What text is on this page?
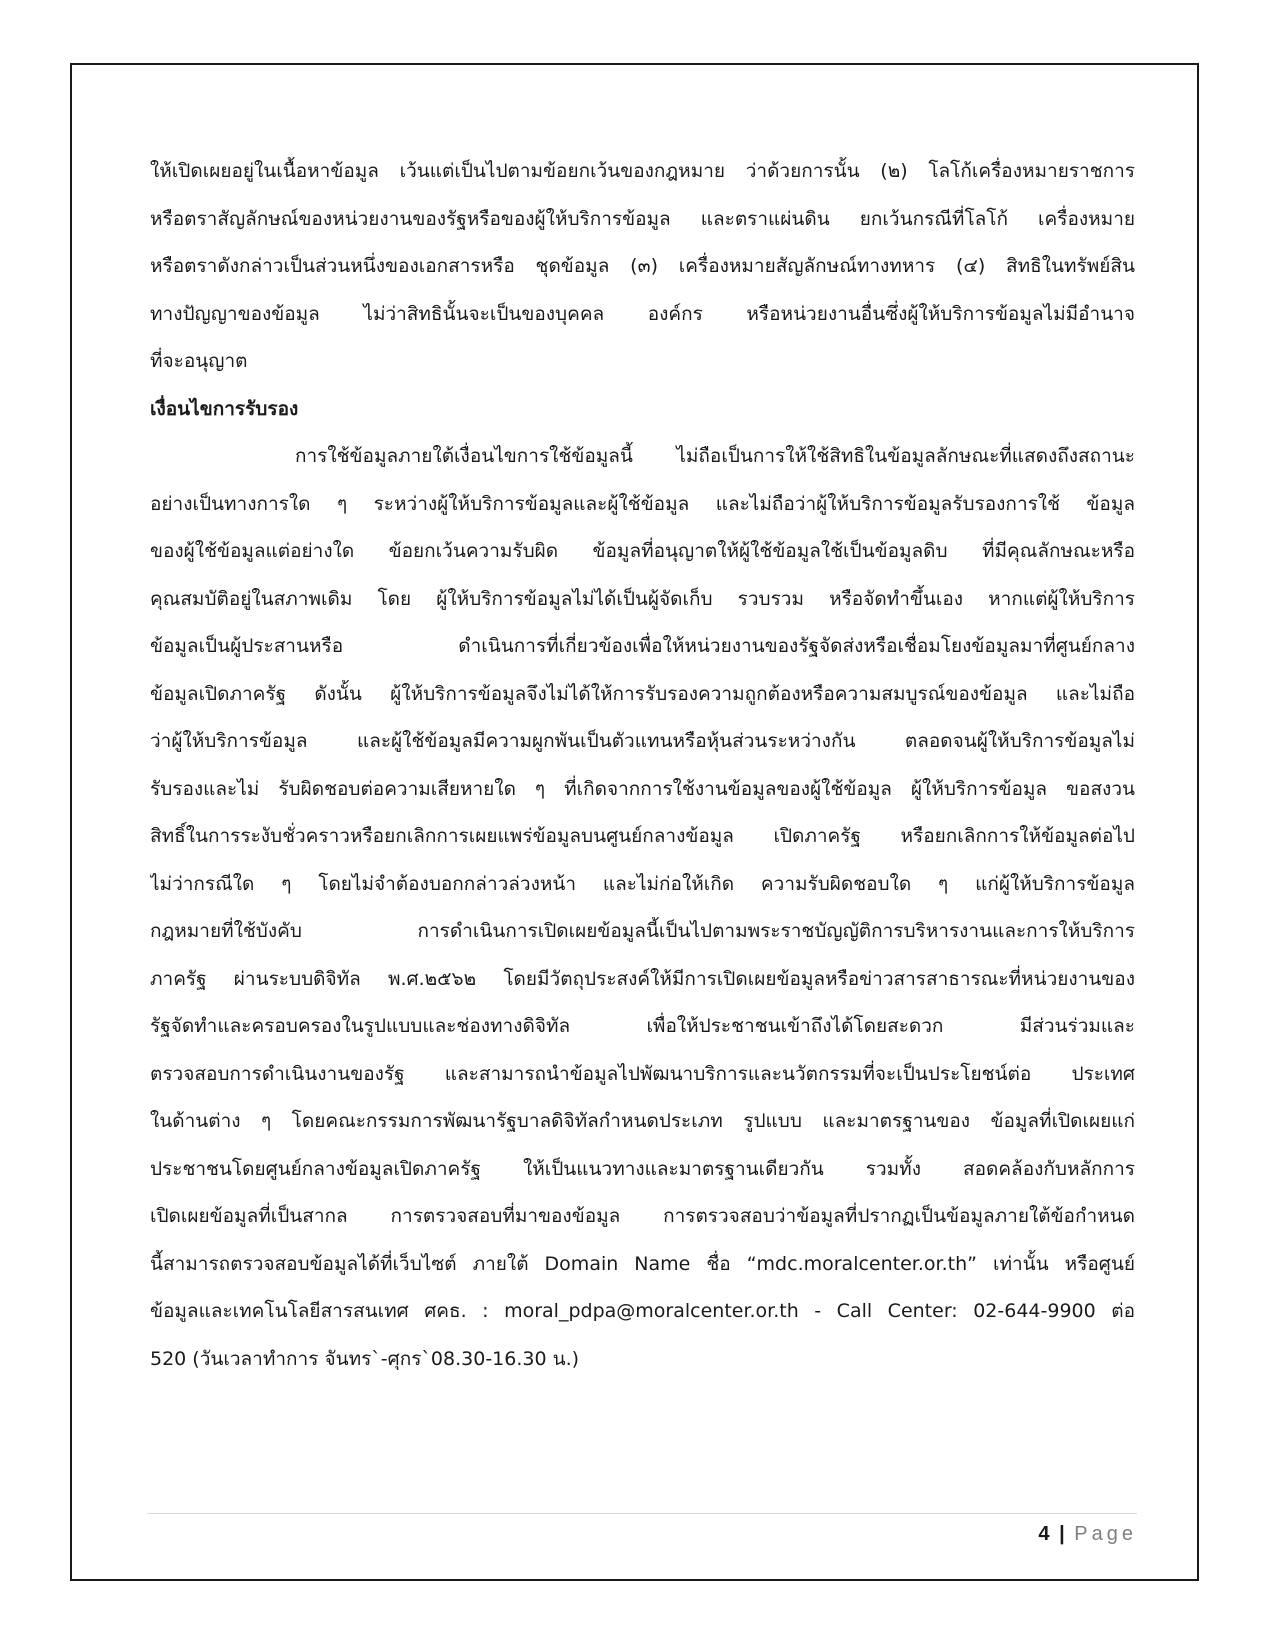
ให้เปิดเผยอยู่ในเนื้อหาข้อมูล เว้นแต่เป็นไปตามข้อยกเว้นของกฎหมาย ว่าด้วยการนั้น (๒) โลโก้เครื่องหมายราชการ
หรือตราสัญลักษณ์ของหน่วยงานของรัฐหรือของผู้ให้บริการข้อมูล และตราแผ่นดิน ยกเว้นกรณีที่โลโก้ เครื่องหมาย
หรือตราดังกล่าวเป็นส่วนหนึ่งของเอกสารหรือ ชุดข้อมูล (๓) เครื่องหมายสัญลักษณ์ทางทหาร (๔) สิทธิในทรัพย์สิน
ทางปัญญาของข้อมูล ไม่ว่าสิทธินั้นจะเป็นของบุคคล องค์กร หรือหน่วยงานอื่นซึ่งผู้ให้บริการข้อมูลไม่มีอำนาจ
ที่จะอนุญาต
เงื่อนไขการรับรอง
การใช้ข้อมูลภายใต้เงื่อนไขการใช้ข้อมูลนี้ ไม่ถือเป็นการให้ใช้สิทธิในข้อมูลลักษณะที่แสดงถึงสถานะ
อย่างเป็นทางการใด ๆ ระหว่างผู้ให้บริการข้อมูลและผู้ใช้ข้อมูล และไม่ถือว่าผู้ให้บริการข้อมูลรับรองการใช้ ข้อมูล
ของผู้ใช้ข้อมูลแต่อย่างใด ข้อยกเว้นความรับผิด ข้อมูลที่อนุญาตให้ผู้ใช้ข้อมูลใช้เป็นข้อมูลดิบ ที่มีคุณลักษณะหรือ
คุณสมบัติอยู่ในสภาพเดิม โดย ผู้ให้บริการข้อมูลไม่ได้เป็นผู้จัดเก็บ รวบรวม หรือจัดทำขึ้นเอง หากแต่ผู้ให้บริการ
ข้อมูลเป็นผู้ประสานหรือ ดำเนินการที่เกี่ยวข้องเพื่อให้หน่วยงานของรัฐจัดส่งหรือเชื่อมโยงข้อมูลมาที่ศูนย์กลาง
ข้อมูลเปิดภาครัฐ ดังนั้น ผู้ให้บริการข้อมูลจึงไม่ได้ให้การรับรองความถูกต้องหรือความสมบูรณ์ของข้อมูล และไม่ถือ
ว่าผู้ให้บริการข้อมูล และผู้ใช้ข้อมูลมีความผูกพันเป็นตัวแทนหรือหุ้นส่วนระหว่างกัน ตลอดจนผู้ให้บริการข้อมูลไม่
รับรองและไม่ รับผิดชอบต่อความเสียหายใด ๆ ที่เกิดจากการใช้งานข้อมูลของผู้ใช้ข้อมูล ผู้ให้บริการข้อมูล ขอสงวน
สิทธิ์ในการระงับชั่วคราวหรือยกเลิกการเผยแพร่ข้อมูลบนศูนย์กลางข้อมูล เปิดภาครัฐ หรือยกเลิกการให้ข้อมูลต่อไป
ไม่ว่ากรณีใด ๆ โดยไม่จำต้องบอกกล่าวล่วงหน้า และไม่ก่อให้เกิด ความรับผิดชอบใด ๆ แก่ผู้ให้บริการข้อมูล
กฎหมายที่ใช้บังคับ การดำเนินการเปิดเผยข้อมูลนี้เป็นไปตามพระราชบัญญัติการบริหารงานและการให้บริการ
ภาครัฐ ผ่านระบบดิจิทัล พ.ศ.๒๕๖๒ โดยมีวัตถุประสงค์ให้มีการเปิดเผยข้อมูลหรือข่าวสารสาธารณะที่หน่วยงานของ
รัฐจัดทำและครอบครองในรูปแบบและช่องทางดิจิทัล เพื่อให้ประชาชนเข้าถึงได้โดยสะดวก มีส่วนร่วมและ
ตรวจสอบการดำเนินงานของรัฐ และสามารถนำข้อมูลไปพัฒนาบริการและนวัตกรรมที่จะเป็นประโยชน์ต่อ ประเทศ
ในด้านต่าง ๆ โดยคณะกรรมการพัฒนารัฐบาลดิจิทัลกำหนดประเภท รูปแบบ และมาตรฐานของ ข้อมูลที่เปิดเผยแก่
ประชาชนโดยศูนย์กลางข้อมูลเปิดภาครัฐ ให้เป็นแนวทางและมาตรฐานเดียวกัน รวมทั้ง สอดคล้องกับหลักการ
เปิดเผยข้อมูลที่เป็นสากล การตรวจสอบที่มาของข้อมูล การตรวจสอบว่าข้อมูลที่ปรากฏเป็นข้อมูลภายใต้ข้อกำหนด
นี้สามารถตรวจสอบข้อมูลได้ที่เว็บไซต์ ภายใต้ Domain Name ชื่อ “mdc.moralcenter.or.th” เท่านั้น หรือศูนย์
ข้อมูลและเทคโนโลยีสารสนเทศ ศคธ. : moral_pdpa@moralcenter.or.th - Call Center: 02-644-9900 ต่อ
520 (วันเวลาทำการ จันทร`-ศุกร`08.30-16.30 น.)
4 | Page
